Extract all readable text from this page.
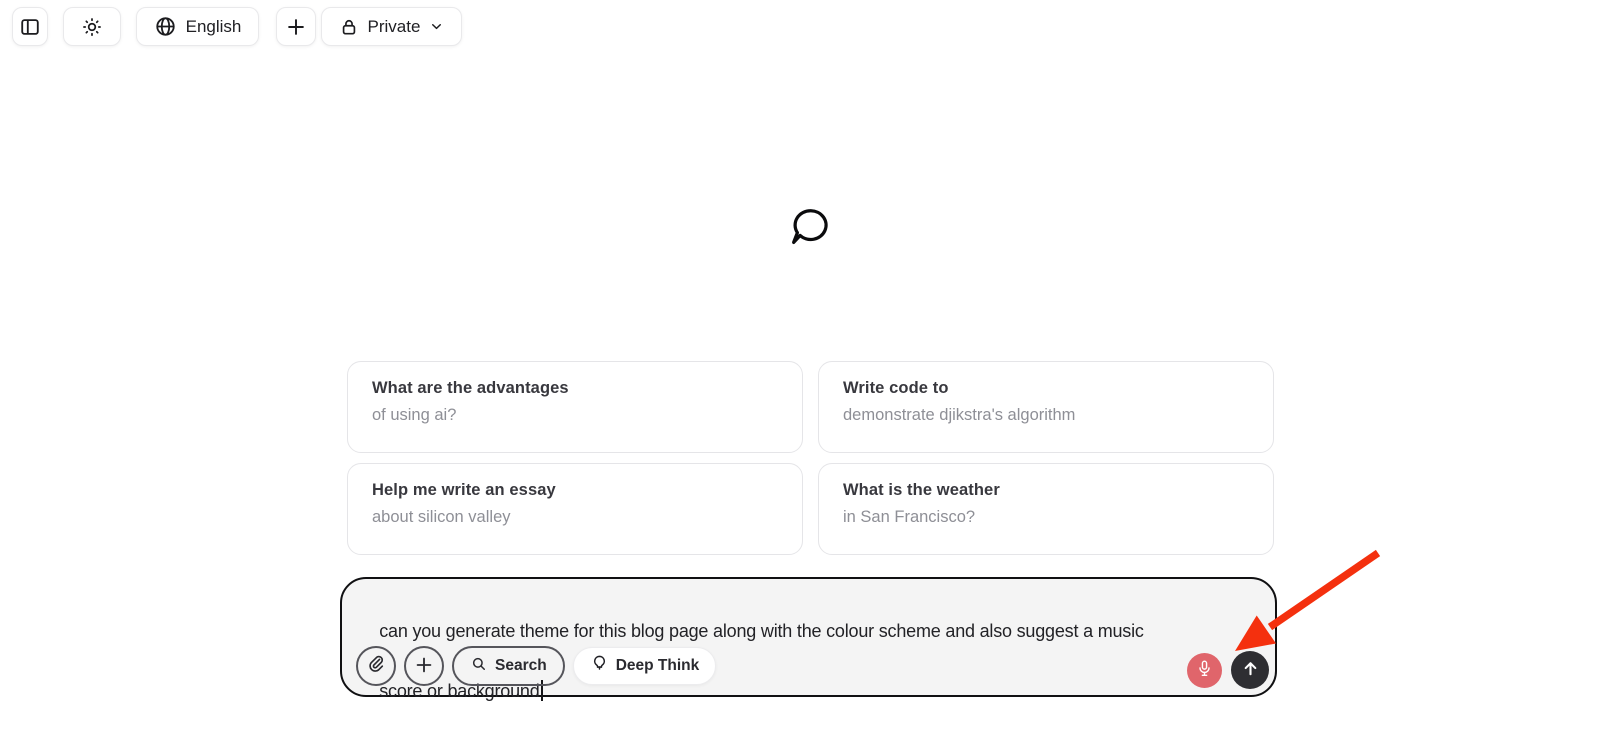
English	Private
What are the advantages
of using ai?
Write code to
demonstrate djikstra's algorithm
Help me write an essay
about silicon valley
What is the weather
in San Francisco?

can you generate theme for this blog page along with the colour scheme and also suggest a music

score or background

Search	Deep Think
